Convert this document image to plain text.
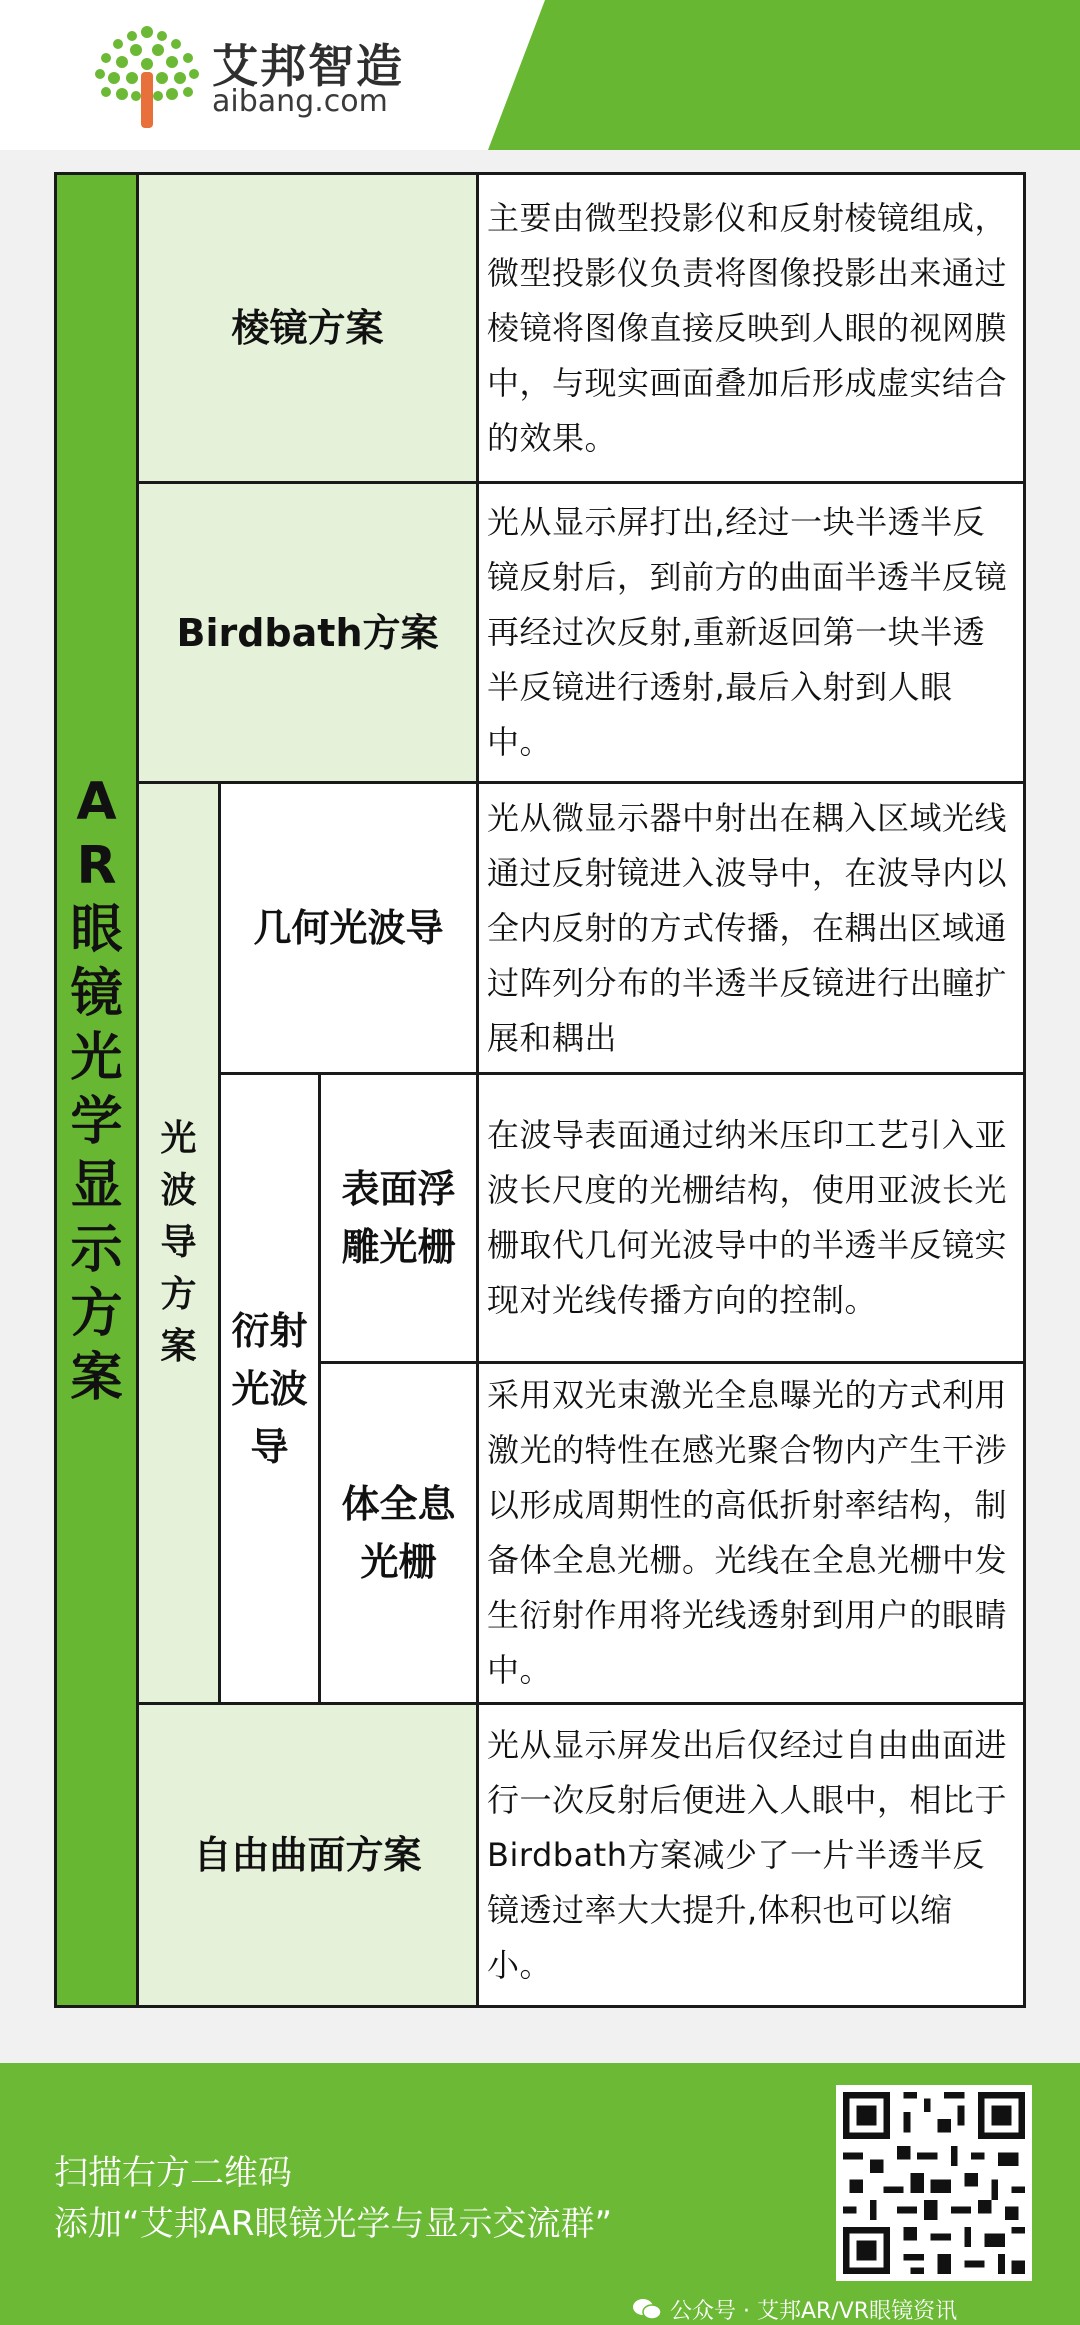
艾邦智造
aibang.com
A
R
眼
镜
光
学
显
示
方
案
棱镜方案
主要由微型投影仪和反射棱镜组成，微型投影仪负责将图像投影出来通过棱镜将图像直接反映到人眼的视网膜中，与现实画面叠加后形成虚实结合的效果。
Birdbath方案
光从显示屏打出,经过一块半透半反镜反射后，到前方的曲面半透半反镜再经过次反射,重新返回第一块半透半反镜进行透射,最后入射到人眼中。
光
波
导
方
案
几何光波导
光从微显示器中射出在耦入区域光线通过反射镜进入波导中，在波导内以全内反射的方式传播，在耦出区域通过阵列分布的半透半反镜进行出瞳扩展和耦出
衍射
光波
导
表面浮
雕光栅
在波导表面通过纳米压印工艺引入亚波长尺度的光栅结构，使用亚波长光栅取代几何光波导中的半透半反镜实现对光线传播方向的控制。
体全息
光栅
采用双光束激光全息曝光的方式利用激光的特性在感光聚合物内产生干涉以形成周期性的高低折射率结构，制备体全息光栅。光线在全息光栅中发生衍射作用将光线透射到用户的眼睛中。
自由曲面方案
光从显示屏发出后仅经过自由曲面进行一次反射后便进入人眼中，相比于Birdbath方案减少了一片半透半反镜透过率大大提升,体积也可以缩小。
扫描右方二维码
添加“艾邦AR眼镜光学与显示交流群”
公众号 · 艾邦AR/VR眼镜资讯
